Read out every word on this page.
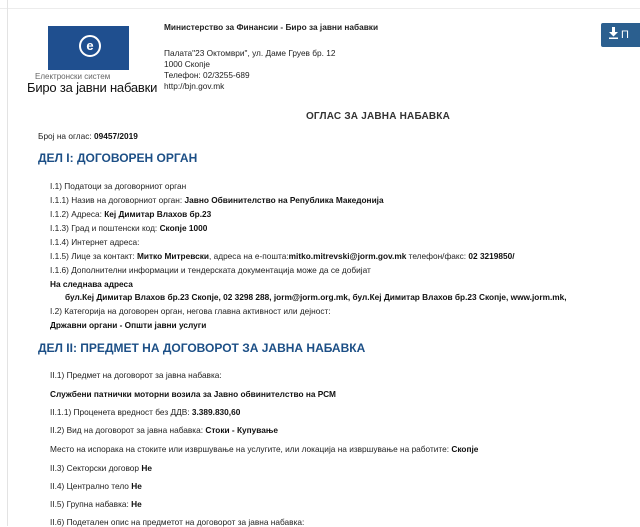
e
Електронски систем
Биро за јавни набавки
Министерство за Финансии - Биро за јавни набавки
Палата"23 Октомври", ул. Даме Груев бр. 12
1000 Скопје
Телефон: 02/3255-689
http://bjn.gov.mk
П
ОГЛАС ЗА ЈАВНА НАБАВКА
Број на оглас: 09457/2019
ДЕЛ I: ДОГОВОРЕН ОРГАН
I.1) Податоци за договорниот орган
I.1.1) Назив на договорниот орган: Јавно Обвинителство на Република Македонија
I.1.2) Адреса: Кеј Димитар Влахов бр.23
I.1.3) Град и поштенски код: Скопје 1000
I.1.4) Интернет адреса:
I.1.5) Лице за контакт: Митко Митревски, адреса на е-пошта:mitko.mitrevski@jorm.gov.mk телефон/факс: 02 3219850/
I.1.6) Дополнителни информации и тендерската документација може да се добијат
На следнава адреса
бул.Кеј Димитар Влахов бр.23 Скопје, 02 3298 288, jorm@jorm.org.mk, бул.Кеј Димитар Влахов бр.23 Скопје, www.jorm.mk,
I.2) Категорија на договорен орган, негова главна активност или дејност:
Државни органи - Општи јавни услуги
ДЕЛ II: ПРЕДМЕТ НА ДОГОВОРОТ ЗА ЈАВНА НАБАВКА
II.1) Предмет на договорот за јавна набавка:
Службени патнички моторни возила за Јавно обвинителство на РСМ
II.1.1) Проценета вредност без ДДВ: 3.389.830,60
II.2) Вид на договорот за јавна набавка: Стоки - Купување
Место на испорака на стоките или извршување на услугите, или локација на извршување на работите: Скопје
II.3) Секторски договор Не
II.4) Централно тело Не
II.5) Групна набавка: Не
II.6) Подетален опис на предметот на договорот за јавна набавка:
